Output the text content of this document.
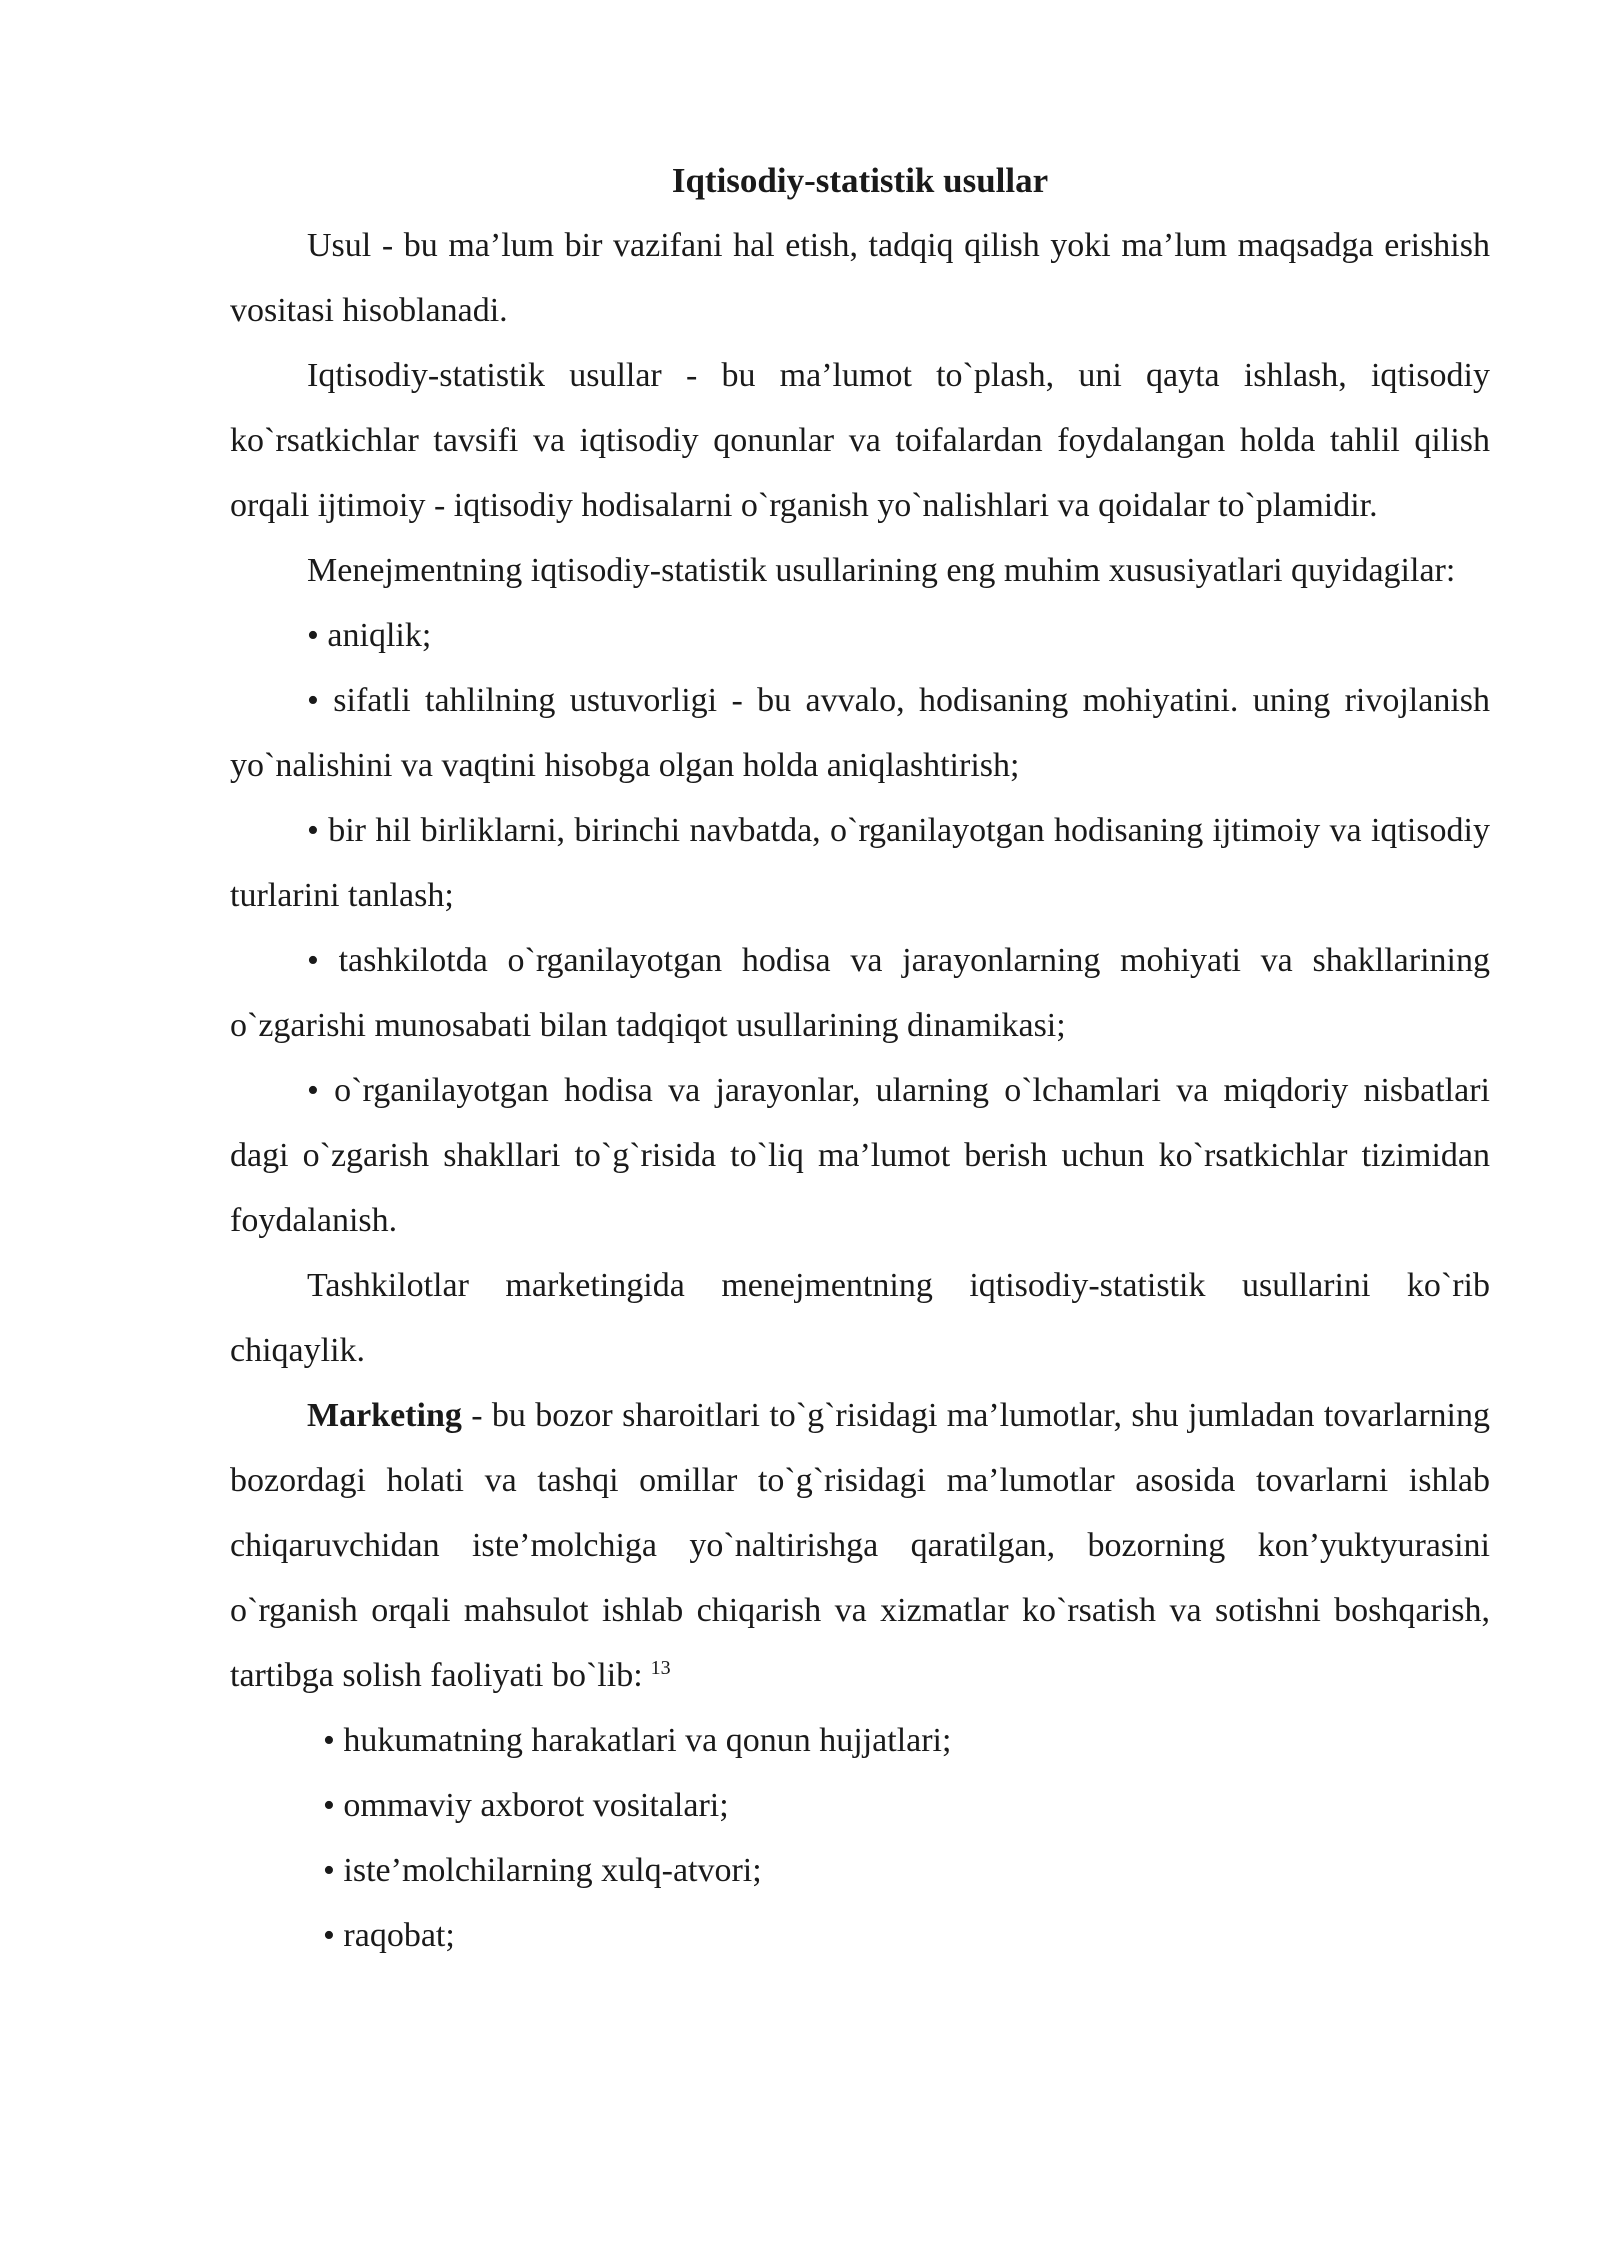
Iqtisodiy-statistik usullar

Usul - bu ma’lum bir vazifani hal etish, tadqiq qilish yoki ma’lum maqsadga erishish vositasi hisoblanadi.

Iqtisodiy-statistik usullar - bu ma’lumot to`plash, uni qayta ishlash, iqtisodiy ko`rsatkichlar tavsifi va iqtisodiy qonunlar va toifalardan foydalangan holda tahlil qilish orqali ijtimoiy - iqtisodiy hodisalarni o`rganish yo`nalishlari va qoidalar to`plamidir.

Menejmentning iqtisodiy-statistik usullarining eng muhim xususiyatlari quyidagilar:

• aniqlik;

• sifatli tahlilning ustuvorligi - bu avvalo, hodisaning mohiyatini. uning rivojlanish yo`nalishini va vaqtini hisobga olgan holda aniqlashtirish;

• bir hil birliklarni, birinchi navbatda, o`rganilayotgan hodisaning ijtimoiy va iqtisodiy turlarini tanlash;

• tashkilotda o`rganilayotgan hodisa va jarayonlarning mohiyati va shakllarining o`zgarishi munosabati bilan tadqiqot usullarining dinamikasi;

• o`rganilayotgan hodisa va jarayonlar, ularning o`lchamlari va miqdoriy nisbatlari dagi o`zgarish shakllari to`g`risida to`liq ma’lumot berish uchun ko`rsatkichlar tizimidan foydalanish.

Tashkilotlar marketingida menejmentning iqtisodiy-statistik usullarini ko`rib chiqaylik.

Marketing - bu bozor sharoitlari to`g`risidagi ma’lumotlar, shu jumladan tovarlarning bozordagi holati va tashqi omillar to`g`risidagi ma’lumotlar asosida tovarlarni ishlab chiqaruvchidan iste’molchiga yo`naltirishga qaratilgan, bozorning kon’yuktyurasini o`rganish orqali mahsulot ishlab chiqarish va xizmatlar ko`rsatish va sotishni boshqarish, tartibga solish faoliyati bo`lib: $^{13}$

• hukumatning harakatlari va qonun hujjatlari;

• ommaviy axborot vositalari;

• iste’molchilarning xulq-atvori;

• raqobat;
